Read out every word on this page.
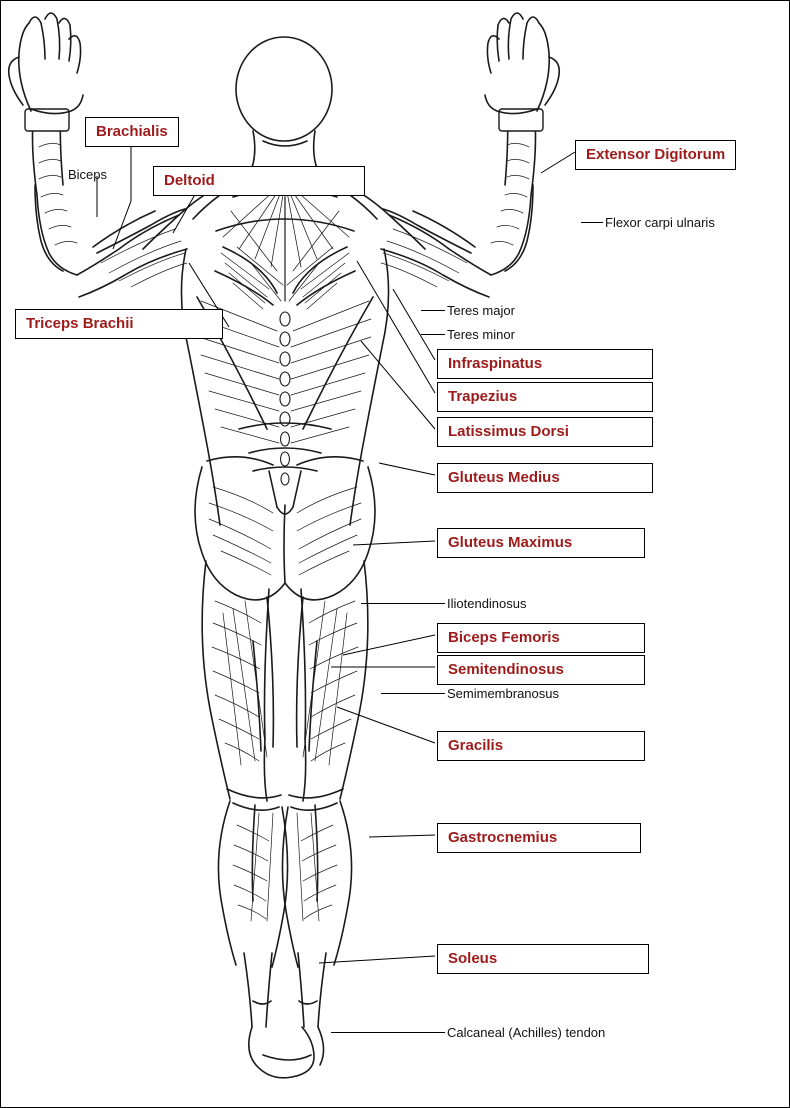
Brachialis
Deltoid
Extensor Digitorum
Triceps Brachii
Infraspinatus
Trapezius
Latissimus Dorsi
Gluteus Medius
Gluteus Maximus
Biceps Femoris
Semitendinosus
Gracilis
Gastrocnemius
Soleus
Biceps
Flexor carpi ulnaris
Teres major
Teres minor
Iliotendinosus
Semimembranosus
Calcaneal (Achilles) tendon
